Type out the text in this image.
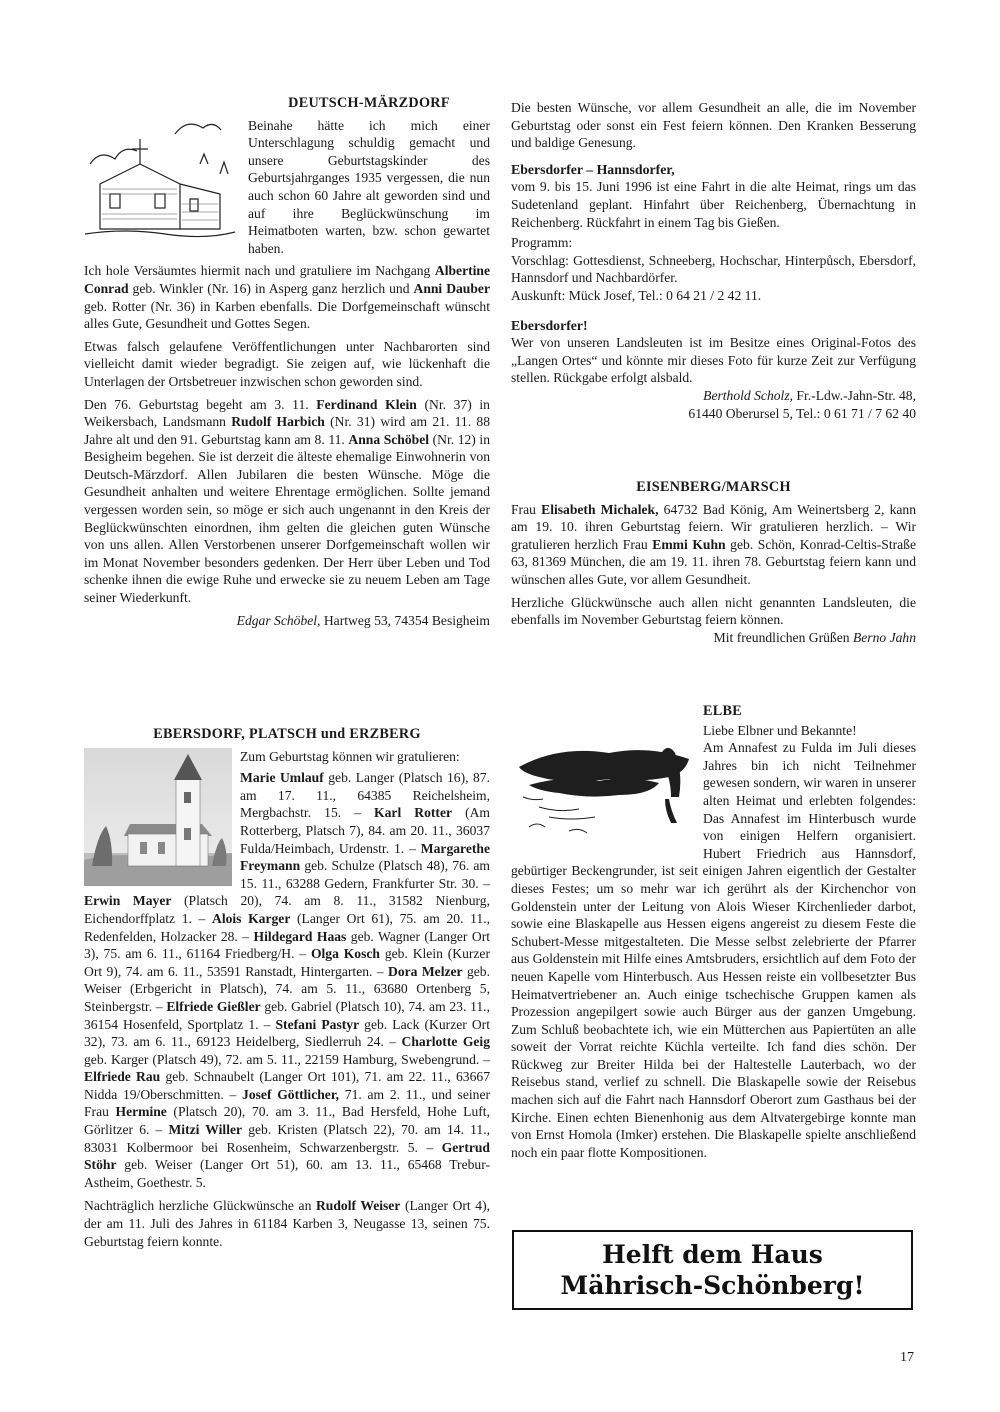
DEUTSCH-MÄRZDORF

Beinahe hätte ich mich einer Unterschlagung schuldig gemacht und unsere Geburtstagskinder des Geburtsjahrganges 1935 vergessen, die nun auch schon 60 Jahre alt geworden sind und auf ihre Beglückwünschung im Heimatboten warten, bzw. schon gewartet haben.

Ich hole Versäumtes hiermit nach und gratuliere im Nachgang Albertine Conrad geb. Winkler (Nr. 16) in Asperg ganz herzlich und Anni Dauber geb. Rotter (Nr. 36) in Karben ebenfalls. Die Dorfgemeinschaft wünscht alles Gute, Gesundheit und Gottes Segen.

Etwas falsch gelaufene Veröffentlichungen unter Nachbarorten sind vielleicht damit wieder begradigt. Sie zeigen auf, wie lückenhaft die Unterlagen der Ortsbetreuer inzwischen schon geworden sind.

Den 76. Geburtstag begeht am 3. 11. Ferdinand Klein (Nr. 37) in Weikersbach, Landsmann Rudolf Harbich (Nr. 31) wird am 21. 11. 88 Jahre alt und den 91. Geburtstag kann am 8. 11. Anna Schöbel (Nr. 12) in Besigheim begehen. Sie ist derzeit die älteste ehemalige Einwohnerin von Deutsch-Märzdorf. Allen Jubilaren die besten Wünsche. Möge die Gesundheit anhalten und weitere Ehrentage ermöglichen. Sollte jemand vergessen worden sein, so möge er sich auch ungenannt in den Kreis der Beglückwünschten einordnen, ihm gelten die gleichen guten Wünsche von uns allen. Allen Verstorbenen unserer Dorfgemeinschaft wollen wir im Monat November besonders gedenken. Der Herr über Leben und Tod schenke ihnen die ewige Ruhe und erwecke sie zu neuem Leben am Tage seiner Wiederkunft.

Edgar Schöbel, Hartweg 53, 74354 Besigheim

EBERSDORF, PLATSCH und ERZBERG

Zum Geburtstag können wir gratulieren:

Marie Umlauf geb. Langer (Platsch 16), 87. am 17. 11., 64385 Reichelsheim, Mergbachstr. 15. – Karl Rotter (Am Rotterberg, Platsch 7), 84. am 20. 11., 36037 Fulda/Heimbach, Urdenstr. 1. – Margarethe Freymann geb. Schulze (Platsch 48), 76. am 15. 11., 63288 Gedern, Frankfurter Str. 30. – Erwin Mayer (Platsch 20), 74. am 8. 11., 31582 Nienburg, Eichendorffplatz 1. – Alois Karger (Langer Ort 61), 75. am 20. 11., Redenfelden, Holzacker 28. – Hildegard Haas geb. Wagner (Langer Ort 3), 75. am 6. 11., 61164 Friedberg/H. – Olga Kosch geb. Klein (Kurzer Ort 9), 74. am 6. 11., 53591 Ranstadt, Hintergarten. – Dora Melzer geb. Weiser (Erbgericht in Platsch), 74. am 5. 11., 63680 Ortenberg 5, Steinbergstr. – Elfriede Gießler geb. Gabriel (Platsch 10), 74. am 23. 11., 36154 Hosenfeld, Sportplatz 1. – Stefani Pastyr geb. Lack (Kurzer Ort 32), 73. am 6. 11., 69123 Heidelberg, Siedlerruh 24. – Charlotte Geig geb. Karger (Platsch 49), 72. am 5. 11., 22159 Hamburg, Swebengrund. – Elfriede Rau geb. Schnaubelt (Langer Ort 101), 71. am 22. 11., 63667 Nidda 19/Oberschmitten. – Josef Göttlicher, 71. am 2. 11., und seiner Frau Hermine (Platsch 20), 70. am 3. 11., Bad Hersfeld, Hohe Luft, Görlitzer 6. – Mitzi Willer geb. Kristen (Platsch 22), 70. am 14. 11., 83031 Kolbermoor bei Rosenheim, Schwarzenbergstr. 5. – Gertrud Stöhr geb. Weiser (Langer Ort 51), 60. am 13. 11., 65468 Trebur-Astheim, Goethestr. 5.

Nachträglich herzliche Glückwünsche an Rudolf Weiser (Langer Ort 4), der am 11. Juli des Jahres in 61184 Karben 3, Neugasse 13, seinen 75. Geburtstag feiern konnte.

Die besten Wünsche, vor allem Gesundheit an alle, die im November Geburtstag oder sonst ein Fest feiern können. Den Kranken Besserung und baldige Genesung.

Ebersdorfer – Hannsdorfer,

vom 9. bis 15. Juni 1996 ist eine Fahrt in die alte Heimat, rings um das Sudetenland geplant. Hinfahrt über Reichenberg, Übernachtung in Reichenberg. Rückfahrt in einem Tag bis Gießen.

Programm:

Vorschlag: Gottesdienst, Schneeberg, Hochschar, Hinterpůsch, Ebersdorf, Hannsdorf und Nachbardörfer.

Auskunft: Mück Josef, Tel.: 0 64 21 / 2 42 11.

Ebersdorfer!

Wer von unseren Landsleuten ist im Besitze eines Original-Fotos des „Langen Ortes“ und könnte mir dieses Foto für kurze Zeit zur Verfügung stellen. Rückgabe erfolgt alsbald.

Berthold Scholz, Fr.-Ldw.-Jahn-Str. 48,
61440 Oberursel 5, Tel.: 0 61 71 / 7 62 40

EISENBERG/MARSCH

Frau Elisabeth Michalek, 64732 Bad König, Am Weinertsberg 2, kann am 19. 10. ihren Geburtstag feiern. Wir gratulieren herzlich. – Wir gratulieren herzlich Frau Emmi Kuhn geb. Schön, Konrad-Celtis-Straße 63, 81369 München, die am 19. 11. ihren 78. Geburtstag feiern kann und wünschen alles Gute, vor allem Gesundheit.

Herzliche Glückwünsche auch allen nicht genannten Landsleuten, die ebenfalls im November Geburtstag feiern können.

Mit freundlichen Grüßen Berno Jahn

ELBE

Liebe Elbner und Bekannte!

Am Annafest zu Fulda im Juli dieses Jahres bin ich nicht Teilnehmer gewesen sondern, wir waren in unserer alten Heimat und erlebten folgendes: Das Annafest im Hinterbusch wurde von einigen Helfern organisiert. Hubert Friedrich aus Hannsdorf, gebürtiger Beckengrunder, ist seit einigen Jahren eigentlich der Gestalter dieses Festes; um so mehr war ich gerührt als der Kirchenchor von Goldenstein unter der Leitung von Alois Wieser Kirchenlieder darbot, sowie eine Blaskapelle aus Hessen eigens angereist zu diesem Feste die Schubert-Messe mitgestalteten. Die Messe selbst zelebrierte der Pfarrer aus Goldenstein mit Hilfe eines Amtsbruders, ersichtlich auf dem Foto der neuen Kapelle vom Hinterbusch. Aus Hessen reiste ein vollbesetzter Bus Heimatvertriebener an. Auch einige tschechische Gruppen kamen als Prozession angepilgert sowie auch Bürger aus der ganzen Umgebung. Zum Schluß beobachtete ich, wie ein Mütterchen aus Papiertüten an alle soweit der Vorrat reichte Küchla verteilte. Ich fand dies schön. Der Rückweg zur Breiter Hilda bei der Haltestelle Lauterbach, wo der Reisebus stand, verlief zu schnell. Die Blaskapelle sowie der Reisebus machen sich auf die Fahrt nach Hannsdorf Oberort zum Gasthaus bei der Kirche. Einen echten Bienenhonig aus dem Altvatergebirge konnte man von Ernst Homola (Imker) erstehen. Die Blaskapelle spielte anschließend noch ein paar flotte Kompositionen.

Helft dem Haus
Mährisch-Schönberg!
17
